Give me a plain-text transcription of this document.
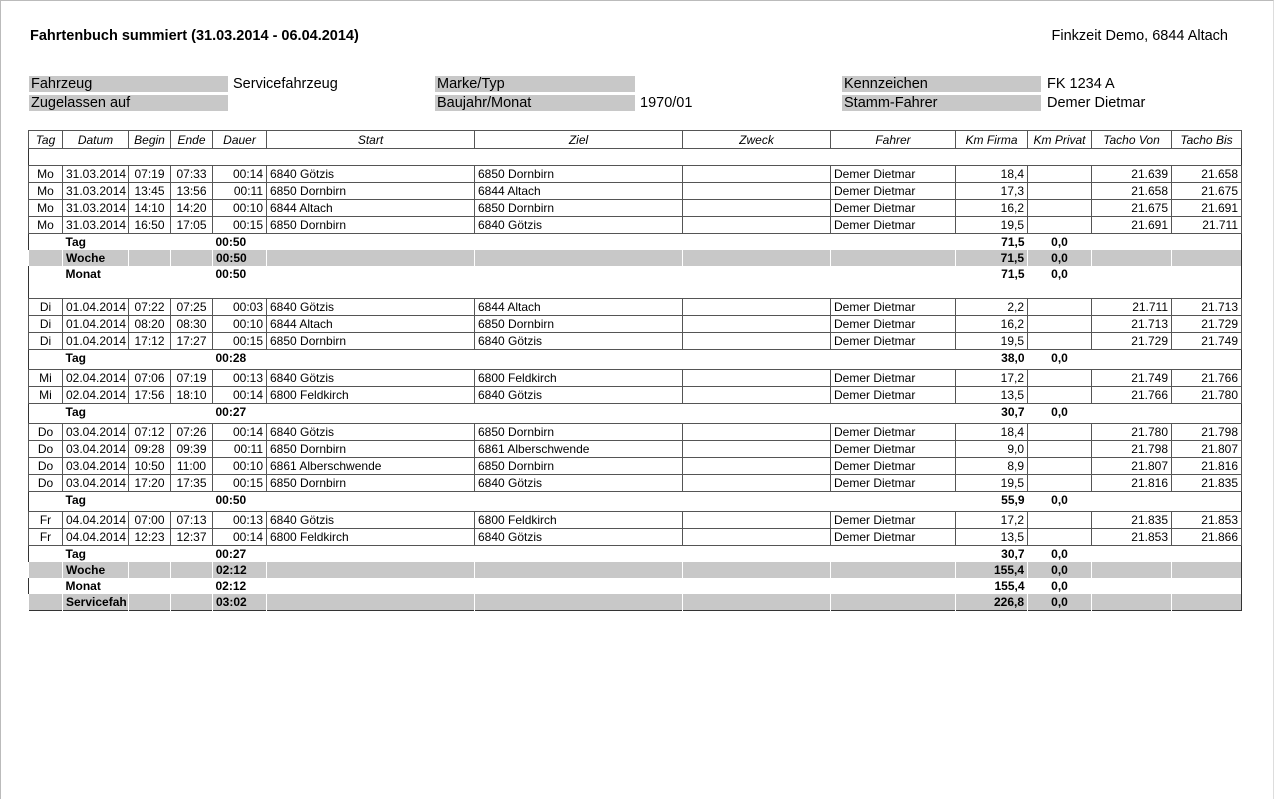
Fahrtenbuch summiert (31.03.2014 - 06.04.2014)	Finkzeit Demo, 6844 Altach
Fahrzeug	Servicefahrzeug
Zugelassen auf
Marke/Typ
Baujahr/Monat	1970/01
Kennzeichen	FK 1234 A
Stamm-Fahrer	Demer Dietmar
Tag	Datum	Begin	Ende	Dauer	Start	Ziel	Zweck	Fahrer	Km Firma	Km Privat	Tacho Von	Tacho Bis

Mo	31.03.2014	07:19	07:33	00:14	6840 Götzis	6850 Dornbirn		Demer Dietmar	18,4		21.639	21.658
Mo	31.03.2014	13:45	13:56	00:11	6850 Dornbirn	6844 Altach		Demer Dietmar	17,3		21.658	21.675
Mo	31.03.2014	14:10	14:20	00:10	6844 Altach	6850 Dornbirn		Demer Dietmar	16,2		21.675	21.691
Mo	31.03.2014	16:50	17:05	00:15	6850 Dornbirn	6840 Götzis		Demer Dietmar	19,5		21.691	21.711
	Tag			00:50					71,5	0,0		
	Woche			00:50					71,5	0,0		
	Monat			00:50					71,5	0,0		

Di	01.04.2014	07:22	07:25	00:03	6840 Götzis	6844 Altach		Demer Dietmar	2,2		21.711	21.713
Di	01.04.2014	08:20	08:30	00:10	6844 Altach	6850 Dornbirn		Demer Dietmar	16,2		21.713	21.729
Di	01.04.2014	17:12	17:27	00:15	6850 Dornbirn	6840 Götzis		Demer Dietmar	19,5		21.729	21.749
	Tag			00:28					38,0	0,0		

Mi	02.04.2014	07:06	07:19	00:13	6840 Götzis	6800 Feldkirch		Demer Dietmar	17,2		21.749	21.766
Mi	02.04.2014	17:56	18:10	00:14	6800 Feldkirch	6840 Götzis		Demer Dietmar	13,5		21.766	21.780
	Tag			00:27					30,7	0,0		

Do	03.04.2014	07:12	07:26	00:14	6840 Götzis	6850 Dornbirn		Demer Dietmar	18,4		21.780	21.798
Do	03.04.2014	09:28	09:39	00:11	6850 Dornbirn	6861 Alberschwende		Demer Dietmar	9,0		21.798	21.807
Do	03.04.2014	10:50	11:00	00:10	6861 Alberschwende	6850 Dornbirn		Demer Dietmar	8,9		21.807	21.816
Do	03.04.2014	17:20	17:35	00:15	6850 Dornbirn	6840 Götzis		Demer Dietmar	19,5		21.816	21.835
	Tag			00:50					55,9	0,0		

Fr	04.04.2014	07:00	07:13	00:13	6840 Götzis	6800 Feldkirch		Demer Dietmar	17,2		21.835	21.853
Fr	04.04.2014	12:23	12:37	00:14	6800 Feldkirch	6840 Götzis		Demer Dietmar	13,5		21.853	21.866
	Tag			00:27					30,7	0,0		
	Woche			02:12					155,4	0,0		
	Monat			02:12					155,4	0,0		
	Servicefah			03:02					226,8	0,0		
